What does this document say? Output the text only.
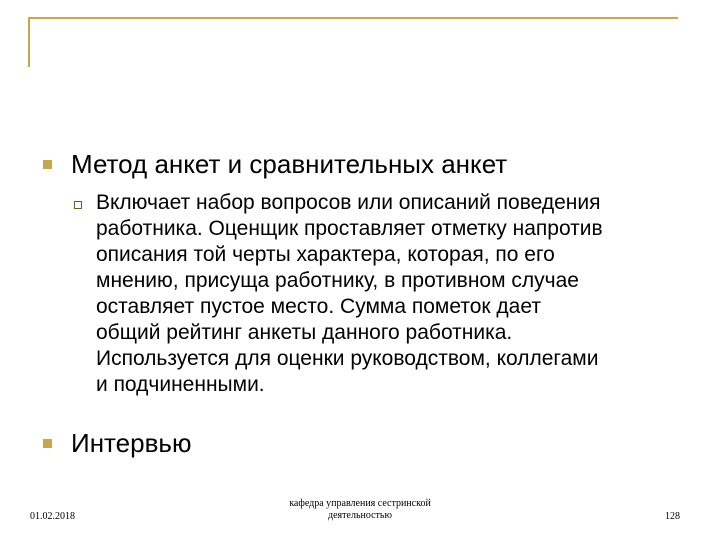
Метод анкет и сравнительных анкет
Включает набор вопросов или описаний поведения
работника. Оценщик проставляет отметку напротив
описания той черты характера, которая, по его
мнению, присуща работнику, в противном случае
оставляет пустое место. Сумма пометок дает
общий рейтинг анкеты данного работника.
Используется для оценки руководством, коллегами
и подчиненными.
Интервью
01.02.2018
кафедра управления сестринской
деятельностью	128
